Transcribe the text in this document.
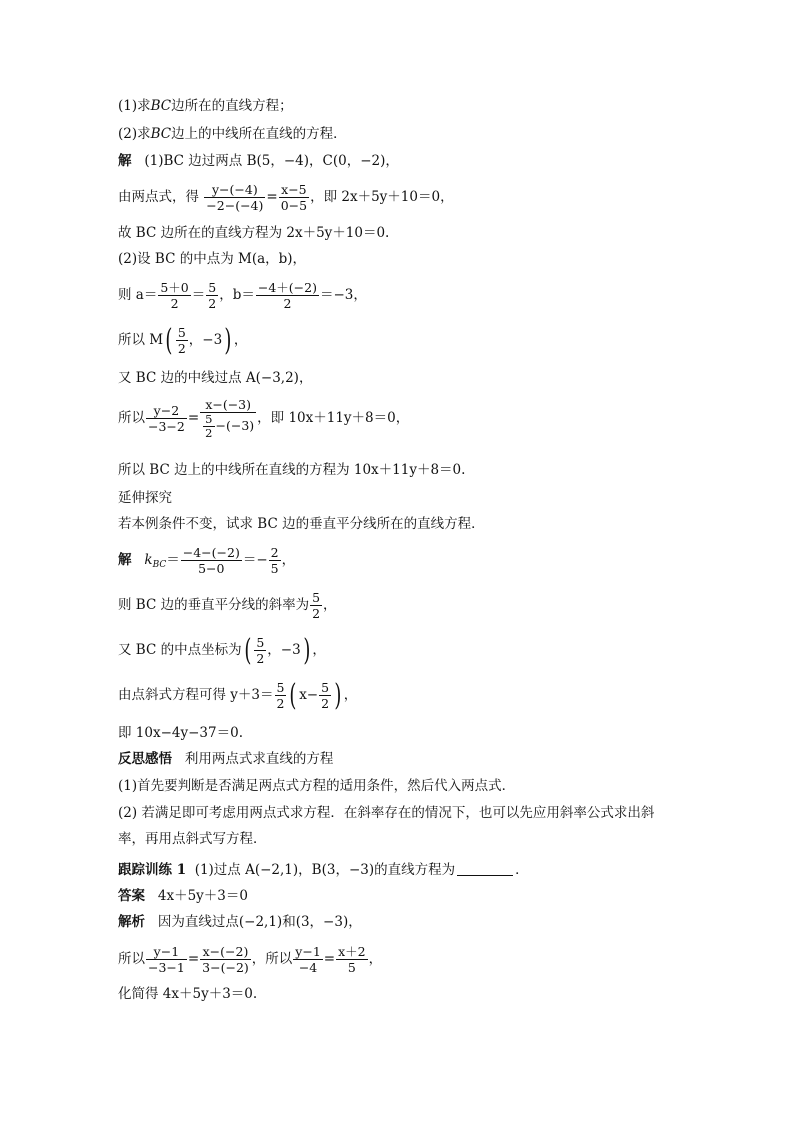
(1)求BC边所在的直线方程；
(2)求BC边上的中线所在直线的方程．
解 (1)BC 边过两点 B(5，−4)，C(0，−2)，
由两点式，得 $\frac{y-(-4)}{-2-(-4)} = \frac{x-5}{0-5}$ ，即 2x＋5y＋10＝0，
故 BC 边所在的直线方程为 2x＋5y＋10＝0.
(2)设 BC 的中点为 M(a，b)，
则 $a= \frac{5+0}{2} = \frac{5}{2}$ ，$b= \frac{-4+(-2)}{2} =-3$，
所以 $M( \frac{5}{2}$ ，−3) ，
又 BC 边的中线过点 A(−3,2)，
所以 $\frac{y-2}{-3-2} = \frac{x-(-3)}{\frac{5}{2} -(-3)}$ ，即 10x＋11y＋8＝0，
所以 BC 边上的中线所在直线的方程为 10x＋11y＋8＝0.
延伸探究
若本例条件不变，试求 BC 边的垂直平分线所在的直线方程．
解 $k_{BC}= \frac{-4-(-2)}{5-0} =- \frac{2}{5}$ ，
则 BC 边的垂直平分线的斜率为 $\frac{5}{2}$ ，
又 BC 的中点坐标为( $\frac{5}{2}$ ，−3) ，
由点斜式方程可得 $y+3= \frac{5}{2}$ ( $x- \frac{5}{2}$ ) ，
即 10x−4y−37＝0.
反思感悟 利用两点式求直线的方程
(1)首先要判断是否满足两点式方程的适用条件，然后代入两点式．
(2) 若满足即可考虑用两点式求方程．在斜率存在的情况下，也可以先应用斜率公式求出斜率，再用点斜式写方程．
跟踪训练 1 (1)过点 A(−2,1)，B(3，−3)的直线方程为	．
答案 4x＋5y＋3＝0
解析 因为直线过点(−2,1)和(3，−3)，
所以 $\frac{y-1}{-3-1} = \frac{x-(-2)}{3-(-2)}$ ，所以 $\frac{y-1}{-4} = \frac{x+2}{5}$ ，
化简得 4x＋5y＋3＝0.
